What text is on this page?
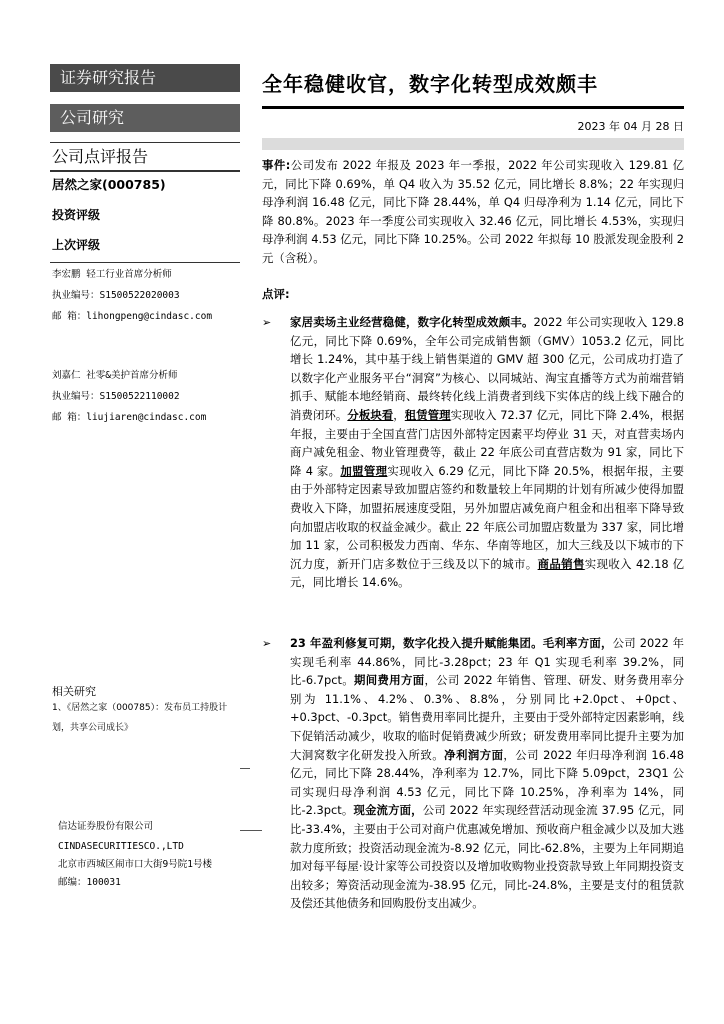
证券研究报告
公司研究
公司点评报告
居然之家(000785)
投资评级
上次评级
李宏鹏 轻工行业首席分析师
执业编号：S1500522020003
邮 箱：lihongpeng@cindasc.com
刘嘉仁 社零&美护首席分析师
执业编号：S1500522110002
邮 箱：liujiaren@cindasc.com
相关研究
1、《居然之家（000785）：发布员工持股计划，共享公司成长》
信达证券股份有限公司
CINDASECURITIESCO.,LTD
北京市西城区闹市口大街9号院1号楼
邮编：100031
全年稳健收官，数字化转型成效颇丰
2023 年 04 月 28 日
事件:公司发布 2022 年报及 2023 年一季报，2022 年公司实现收入 129.81 亿元，同比下降 0.69%，单 Q4 收入为 35.52 亿元，同比增长 8.8%；22 年实现归母净利润 16.48 亿元，同比下降 28.44%，单 Q4 归母净利为 1.14 亿元，同比下降 80.8%。2023 年一季度公司实现收入 32.46 亿元，同比增长 4.53%，实现归母净利润 4.53 亿元，同比下降 10.25%。公司 2022 年拟每 10 股派发现金股利 2 元（含税）。
点评:
➢ 家居卖场主业经营稳健，数字化转型成效颇丰。2022 年公司实现收入 129.8 亿元，同比下降 0.69%，全年公司完成销售额（GMV）1053.2 亿元，同比增长 1.24%，其中基于线上销售渠道的 GMV 超 300 亿元，公司成功打造了以数字化产业服务平台“洞窝”为核心、以同城站、淘宝直播等方式为前端营销抓手、赋能本地经销商、最终转化线上消费者到线下实体店的线上线下融合的消费闭环。分板块看，租赁管理实现收入 72.37 亿元，同比下降 2.4%，根据年报，主要由于全国直营门店因外部特定因素平均停业 31 天，对直营卖场内商户减免租金、物业管理费等，截止 22 年底公司直营店数为 91 家，同比下降 4 家。加盟管理实现收入 6.29 亿元，同比下降 20.5%，根据年报，主要由于外部特定因素导致加盟店签约和数量较上年同期的计划有所减少使得加盟费收入下降，加盟拓展速度受阻，另外加盟店减免商户租金和出租率下降导致向加盟店收取的权益金减少。截止 22 年底公司加盟店数量为 337 家，同比增加 11 家，公司积极发力西南、华东、华南等地区，加大三线及以下城市的下沉力度，新开门店多数位于三线及以下的城市。商品销售实现收入 42.18 亿元，同比增长 14.6%。
➢ 23 年盈利修复可期，数字化投入提升赋能集团。毛利率方面，公司 2022 年实现毛利率 44.86%，同比-3.28pct；23 年 Q1 实现毛利率 39.2%，同比-6.7pct。期间费用方面，公司 2022 年销售、管理、研发、财务费用率分别为 11.1%、4.2%、0.3%、8.8%，分别同比+2.0pct、+0pct、+0.3pct、-0.3pct。销售费用率同比提升，主要由于受外部特定因素影响，线下促销活动减少，收取的临时促销费减少所致；研发费用率同比提升主要为加大洞窝数字化研发投入所致。净利润方面，公司 2022 年归母净利润 16.48 亿元，同比下降 28.44%，净利率为 12.7%，同比下降 5.09pct，23Q1 公司实现归母净利润 4.53 亿元，同比下降 10.25%，净利率为 14%，同比-2.3pct。现金流方面，公司 2022 年实现经营活动现金流 37.95 亿元，同比-33.4%，主要由于公司对商户优惠减免增加、预收商户租金减少以及加大逃款力度所致；投资活动现金流为-8.92 亿元，同比-62.8%，主要为上年同期追加对每平每屋·设计家等公司投资以及增加收购物业投资款导致上年同期投资支出较多；筹资活动现金流为-38.95 亿元，同比-24.8%，主要是支付的租赁款及偿还其他债务和回购股份支出减少。
